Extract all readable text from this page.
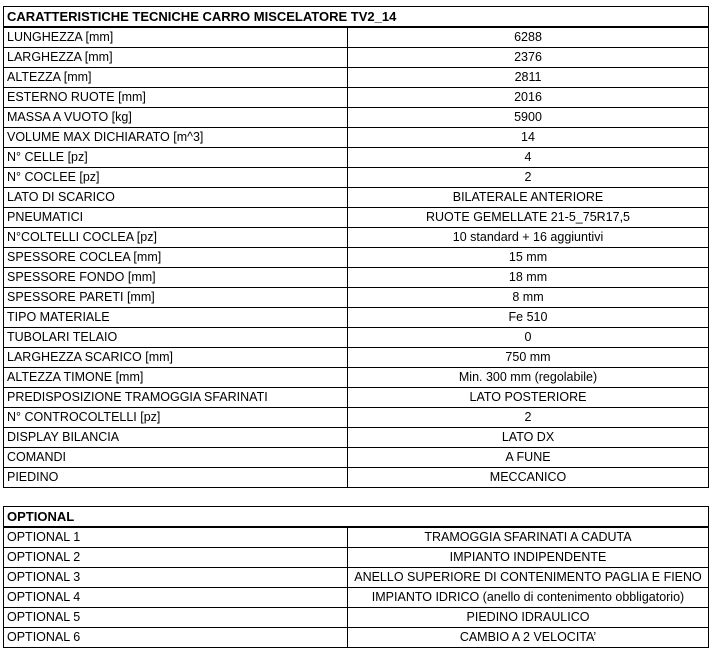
CARATTERISTICHE TECNICHE CARRO MISCELATORE TV2_14	
LUNGHEZZA [mm]	6288
LARGHEZZA [mm]	2376
ALTEZZA [mm]	2811
ESTERNO RUOTE [mm]	2016
MASSA A VUOTO [kg]	5900
VOLUME MAX DICHIARATO [m^3]	14
N° CELLE [pz]	4
N° COCLEE [pz]	2
LATO DI SCARICO	BILATERALE ANTERIORE
PNEUMATICI	RUOTE GEMELLATE 21-5_75R17,5
N°COLTELLI COCLEA [pz]	10 standard + 16 aggiuntivi
SPESSORE COCLEA [mm]	15 mm
SPESSORE FONDO [mm]	18 mm
SPESSORE PARETI [mm]	8 mm
TIPO MATERIALE	Fe 510
TUBOLARI TELAIO	0
LARGHEZZA SCARICO [mm]	750 mm
ALTEZZA TIMONE [mm]	Min. 300 mm (regolabile)
PREDISPOSIZIONE TRAMOGGIA SFARINATI	LATO POSTERIORE
N° CONTROCOLTELLI [pz]	2
DISPLAY BILANCIA	LATO DX
COMANDI	A FUNE
PIEDINO	MECCANICO
OPTIONAL	
OPTIONAL 1	TRAMOGGIA SFARINATI A CADUTA
OPTIONAL 2	IMPIANTO INDIPENDENTE
OPTIONAL 3	ANELLO SUPERIORE DI CONTENIMENTO PAGLIA E FIENO
OPTIONAL 4	IMPIANTO IDRICO (anello di contenimento obbligatorio)
OPTIONAL 5	PIEDINO IDRAULICO
OPTIONAL 6	CAMBIO A 2 VELOCITA’
